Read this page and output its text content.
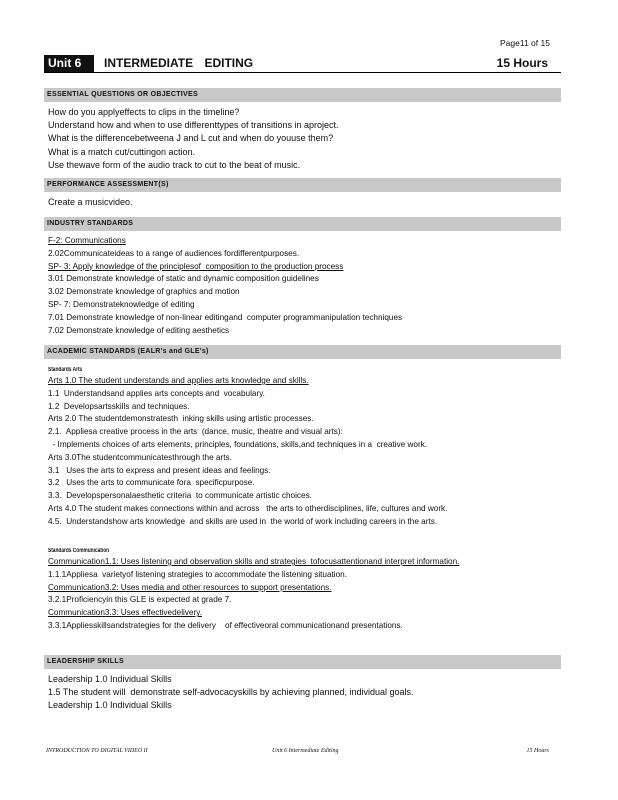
Page11 of 15
Unit 6	INTERMEDIATE EDITING	15 Hours
ESSENTIAL QUESTIONS OR OBJECTIVES
How do you applyeffects to clips in the timeline?
Understand how and when to use differenttypes of transitions in aproject.
What is the differencebetweena J and L cut and when do youuse them?
What is a match cut/cuttingon action.
Use thewave form of the audio track to cut to the beat of music.
PERFORMANCE ASSESSMENT(S)
Create a musicvideo.
INDUSTRY STANDARDS
F-2: Communications
2.02Communicateideas to a range of audiences fordifferentpurposes.
SP- 3: Apply knowledge of the principlesof  composition to the production process
3.01 Demonstrate knowledge of static and dynamic composition guidelines
3.02 Demonstrate knowledge of graphics and motion
SP- 7: Demonstrateknowledge of editing
7.01 Demonstrate knowledge of non-linear editingand  computer programmanipulation techniques
7.02 Demonstrate knowledge of editing aesthetics
ACADEMIC STANDARDS (EALR's and GLE's)
Standards Arts
Arts 1.0 The student understands and applies arts knowledge and skills.
1.1  Understandsand applies arts concepts and  vocabulary.
1.2  Developsartsskills and techniques.
Arts 2.0 The studentdemonstratesth  inking skills using artistic processes.
2.1.  Appliesa creative process in the arts  (dance, music, theatre and visual arts):
- Implements choices of arts elements, principles, foundations, skills,and techniques in a  creative work.
Arts 3.0The studentcommunicatesthrough the arts.
3.1   Uses the arts to express and present ideas and feelings.
3.2   Uses the arts to communicate fora  specificpurpose.
3.3.  Developspersonalaesthetic criteria  to communicate artistic choices.
Arts 4.0 The student makes connections within and across   the arts to otherdisciplines, life, cultures and work.
4.5.  Understandshow arts knowledge  and skills are used in  the world of work including careers in the arts.
Standards Communication
Communication1.1: Uses listening and observation skills and strategies  tofocusattentionand interpret information.
1.1.1Appliesa  varietyof listening strategies to accommodate the listening situation.
Communication3.2: Uses media and other resources to support presentations.
3.2.1Proficiencyin this GLE is expected at grade 7.
Communication3.3: Uses effectivedelivery.
3.3.1Appliesskillsandstrategies for the delivery    of effectiveoral communicationand presentations.
LEADERSHIP SKILLS
Leadership 1.0 Individual Skills
1.5 The student will  demonstrate self-advocacyskills by achieving planned, individual goals.
Leadership 1.0 Individual Skills
INTRODUCTION TO DIGITAL VIDEO II	Unit 6 Intermediate Editing	15 Hours
